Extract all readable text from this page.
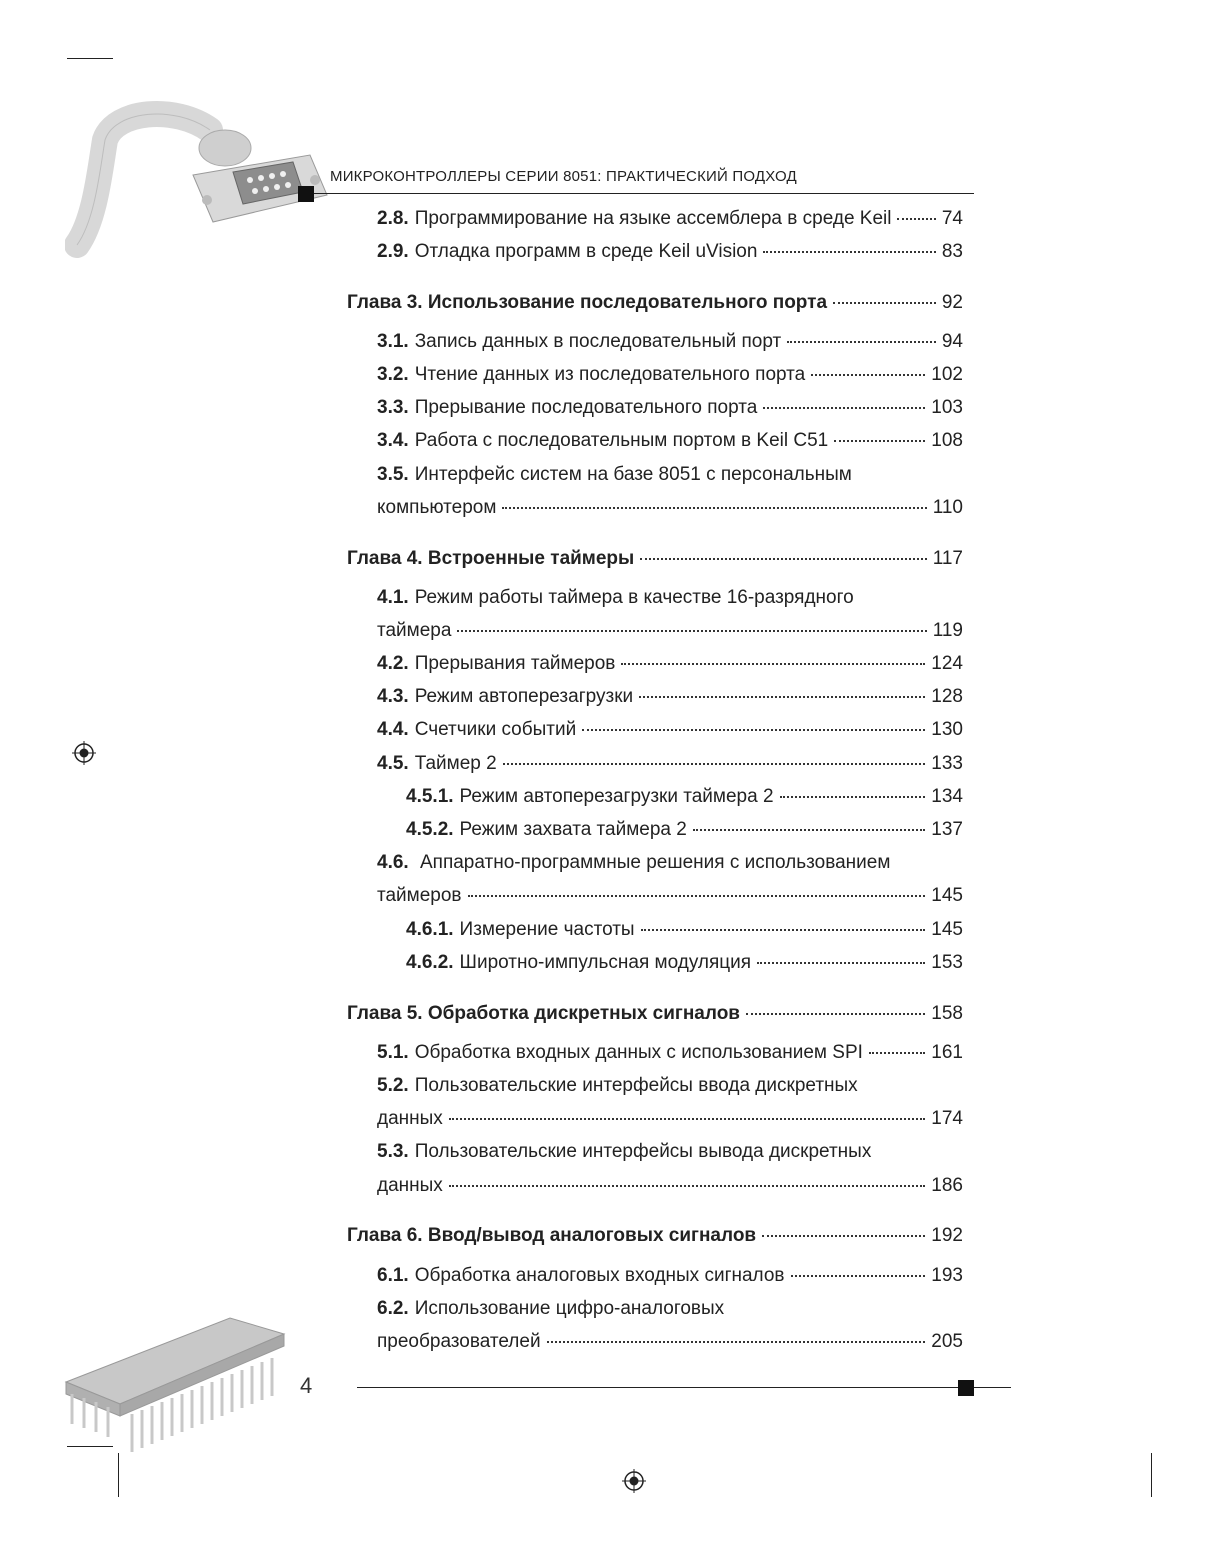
МИКРОКОНТРОЛЛЕРЫ СЕРИИ 8051: ПРАКТИЧЕСКИЙ ПОДХОД
2.8. Программирование на языке ассемблера в среде Keil	74
2.9. Отладка программ в среде Keil uVision	83
Глава 3. Использование последовательного порта	92
3.1. Запись данных в последовательный порт	94
3.2. Чтение данных из последовательного порта	102
3.3. Прерывание последовательного порта	103
3.4. Работа с последовательным портом в Keil C51	108
3.5. Интерфейс систем на базе 8051 с персональным
компьютером	110
Глава 4. Встроенные таймеры	117
4.1. Режим работы таймера в качестве 16-разрядного
таймера	119
4.2. Прерывания таймеров	124
4.3. Режим автоперезагрузки	128
4.4. Счетчики событий	130
4.5. Таймер 2	133
4.5.1. Режим автоперезагрузки таймера 2	134
4.5.2. Режим захвата таймера 2	137
4.6. Аппаратно-программные решения с использованием
таймеров	145
4.6.1. Измерение частоты	145
4.6.2. Широтно-импульсная модуляция	153
Глава 5. Обработка дискретных сигналов	158
5.1. Обработка входных данных с использованием SPI	161
5.2. Пользовательские интерфейсы ввода дискретных
данных	174
5.3. Пользовательские интерфейсы вывода дискретных
данных	186
Глава 6. Ввод/вывод аналоговых сигналов	192
6.1. Обработка аналоговых входных сигналов	193
6.2. Использование цифро-аналоговых
преобразователей	205
4
